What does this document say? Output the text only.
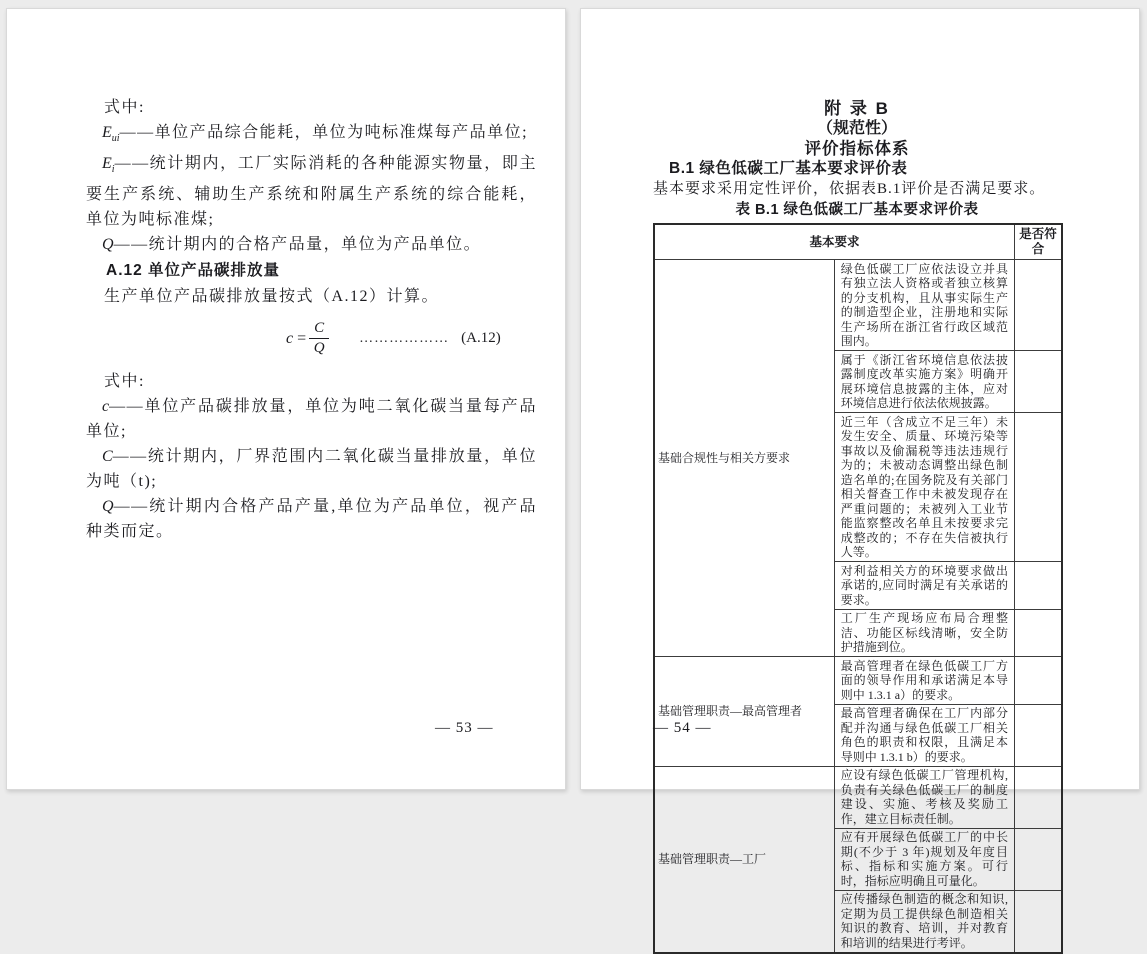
式中:

$E_{ui}——$单位产品综合能耗，单位为吨标准煤每产品单位;

$E_i——$统计期内，工厂实际消耗的各种能源实物量，即主要生产系统、辅助生产系统和附属生产系统的综合能耗，单位为吨标准煤;

Q——统计期内的合格产品量，单位为产品单位。

A.12 单位产品碳排放量

生产单位产品碳排放量按式（A.12）计算。

$c = \frac{C}{Q}$ ……………… (A.12)

式中:

c——单位产品碳排放量，单位为吨二氧化碳当量每产品单位;

C——统计期内，厂界范围内二氧化碳当量排放量，单位为吨（t);

Q——统计期内合格产品产量,单位为产品单位，视产品种类而定。

— 53 —
附 录 B
（规范性）
评价指标体系
B.1 绿色低碳工厂基本要求评价表

基本要求采用定性评价，依据表B.1评价是否满足要求。

表 B.1 绿色低碳工厂基本要求评价表

基本要求		是否符合
基础合规性与相关方要求	绿色低碳工厂应依法设立并具有独立法人资格或者独立核算的分支机构，且从事实际生产的制造型企业，注册地和实际生产场所在浙江省行政区域范围内。	
	属于《浙江省环境信息依法披露制度改革实施方案》明确开展环境信息披露的主体，应对环境信息进行依法依规披露。	
	近三年（含成立不足三年）未发生安全、质量、环境污染等事故以及偷漏税等违法违规行为的；未被动态调整出绿色制造名单的;在国务院及有关部门相关督查工作中未被发现存在严重问题的；未被列入工业节能监察整改名单且未按要求完成整改的；不存在失信被执行人等。	
	对利益相关方的环境要求做出承诺的,应同时满足有关承诺的要求。	
	工厂生产现场应布局合理整洁、功能区标线清晰，安全防护措施到位。	
基础管理职责—最高管理者	最高管理者在绿色低碳工厂方面的领导作用和承诺满足本导则中 1.3.1 a）的要求。	
	最高管理者确保在工厂内部分配并沟通与绿色低碳工厂相关角色的职责和权限，且满足本导则中 1.3.1 b）的要求。	
基础管理职责—工厂	应设有绿色低碳工厂管理机构,负责有关绿色低碳工厂的制度建设、实施、考核及奖励工作，建立目标责任制。	
	应有开展绿色低碳工厂的中长期(不少于 3 年)规划及年度目标、指标和实施方案。可行时，指标应明确且可量化。	
	应传播绿色制造的概念和知识,定期为员工提供绿色制造相关知识的教育、培训，并对教育和培训的结果进行考评。	
— 54 —
